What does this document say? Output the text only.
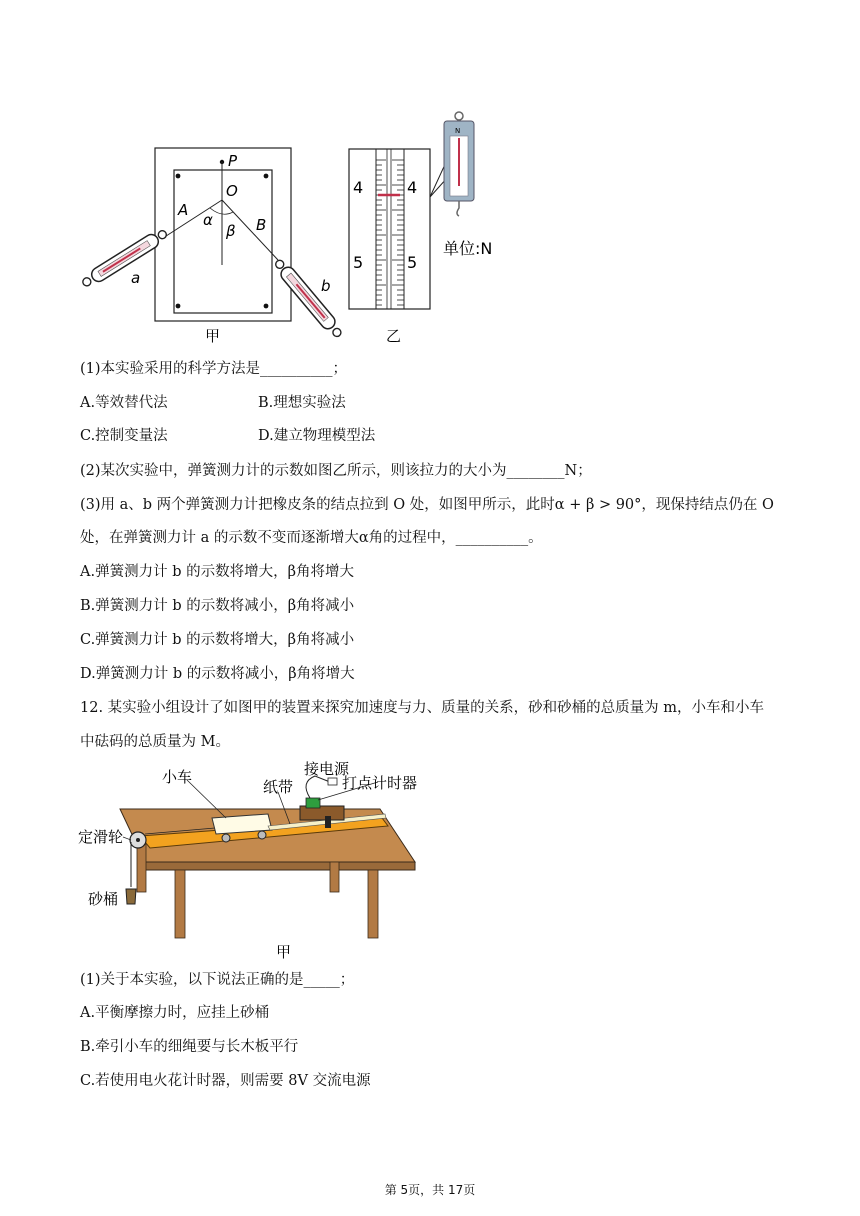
P
O
A
α
β B
a	b
4	4
5	5
N
单位:N
甲	乙
(1)本实验采用的科学方法是__________；
A.等效替代法	B.理想实验法
C.控制变量法	D.建立物理模型法
(2)某次实验中，弹簧测力计的示数如图乙所示，则该拉力的大小为________N；
(3)用 a、b 两个弹簧测力计把橡皮条的结点拉到 O 处，如图甲所示，此时α + β > 90°，现保持结点仍在 O
处，在弹簧测力计 a 的示数不变而逐渐增大α角的过程中，__________。
A.弹簧测力计 b 的示数将增大，β角将增大
B.弹簧测力计 b 的示数将减小，β角将减小
C.弹簧测力计 b 的示数将增大，β角将减小
D.弹簧测力计 b 的示数将减小，β角将增大
12. 某实验小组设计了如图甲的装置来探究加速度与力、质量的关系，砂和砂桶的总质量为 m，小车和小车
中砝码的总质量为 M。
小车
纸带
接电源
打点计时器
定滑轮
砂桶
甲
(1)关于本实验，以下说法正确的是_____；
A.平衡摩擦力时，应挂上砂桶
B.牵引小车的细绳要与长木板平行
C.若使用电火花计时器，则需要 8V 交流电源
第 5页，共 17页
